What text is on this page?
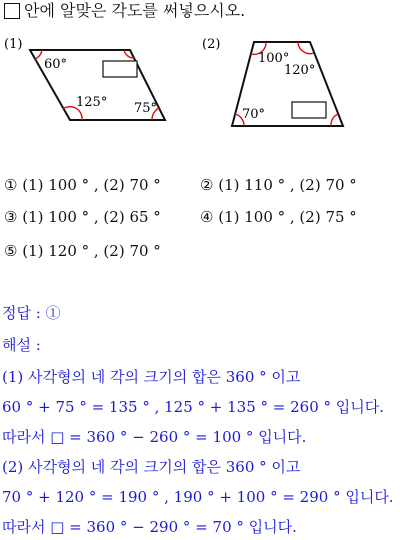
안에 알맞은 각도를 써넣으시오.
(1)
60°
125° 75°
(2)
100°
120°
70°
① (1) 100 ° , (2) 70 °	② (1) 110 ° , (2) 70 °
③ (1) 100 ° , (2) 65 °	④ (1) 100 ° , (2) 75 °
⑤ (1) 120 ° , (2) 70 °
정답 : ①
해설 :
(1) 사각형의 네 각의 크기의 합은 360 ° 이고
60 ° + 75 ° = 135 ° , 125 ° + 135 ° = 260 ° 입니다.
따라서 □ = 360 ° − 260 ° = 100 ° 입니다.
(2) 사각형의 네 각의 크기의 합은 360 ° 이고
70 ° + 120 ° = 190 ° , 190 ° + 100 ° = 290 ° 입니다.
따라서 □ = 360 ° − 290 ° = 70 ° 입니다.
